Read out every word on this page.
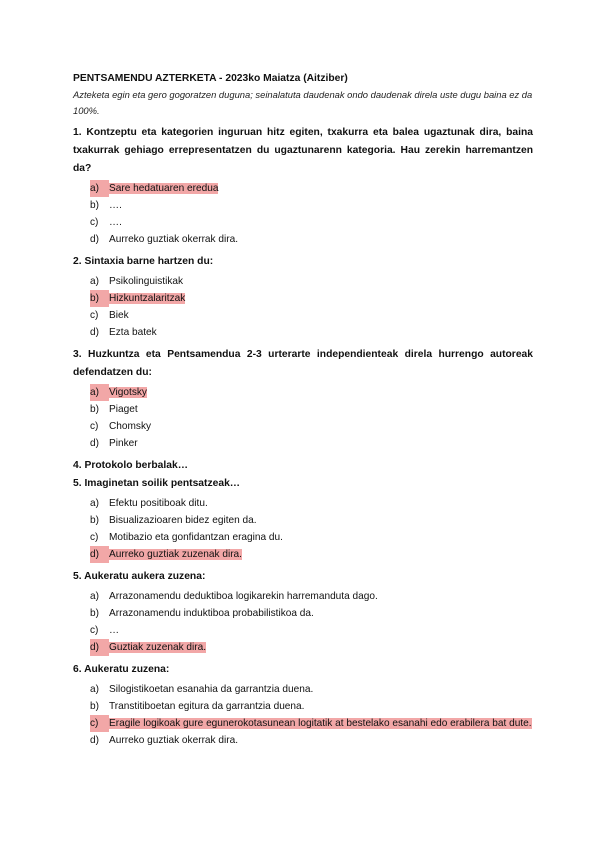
PENTSAMENDU AZTERKETA - 2023ko Maiatza (Aitziber)
Azteketa egin eta gero gogoratzen duguna; seinalatuta daudenak ondo daudenak direla uste dugu baina ez da 100%.
1. Kontzeptu eta kategorien inguruan hitz egiten, txakurra eta balea ugaztunak dira, baina txakurrak gehiago errepresentatzen du ugaztunarenn kategoria. Hau zerekin harremantzen da?
a) Sare hedatuaren eredua
b) ….
c)	….
d) Aurreko guztiak okerrak dira.
2. Sintaxia barne hartzen du:
a) Psikolinguistikak
b) Hizkuntzalaritzak
c)	Biek
d) Ezta batek
3. Huzkuntza eta Pentsamendua 2-3 urterarte independienteak direla hurrengo autoreak defendatzen du:
a) Vigotsky
b) Piaget
c)	Chomsky
d) Pinker
4. Protokolo berbalak…
5. Imaginetan soilik pentsatzeak…
a) Efektu positiboak ditu.
b) Bisualizazioaren bidez egiten da.
c)	Motibazio eta gonfidantzan eragina du.
d) Aurreko guztiak zuzenak dira.
5. Aukeratu aukera zuzena:
a) Arrazonamendu deduktiboa logikarekin harremanduta dago.
b) Arrazonamendu induktiboa probabilistikoa da.
c)	…
d) Guztiak zuzenak dira.
6. Aukeratu zuzena:
a) Silogistikoetan esanahia da garrantzia duena.
b) Transtitiboetan egitura da garrantzia duena.
c)	Eragile logikoak gure egunerokotasunean logitatik at bestelako esanahi edo erabilera bat dute.
d) Aurreko guztiak okerrak dira.
